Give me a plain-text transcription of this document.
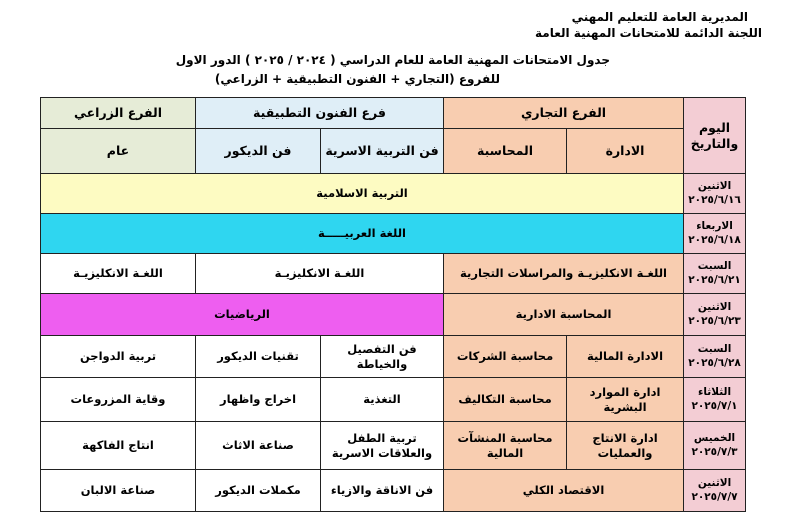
المديرية العامة للتعليم المهني
اللجنة الدائمة للامتحانات المهنية العامة
جدول الامتحانات المهنية العامة للعام الدراسي ( ٢٠٢٤ / ٢٠٢٥ ) الدور الاول
للفروع (التجاري + الفنون التطبيقية + الزراعي)
اليوم والتاريخ	الفرع التجاري		فرع الفنون التطبيقية		الفرع الزراعي
	الادارة	المحاسبة	فن التربية الاسرية	فن الديكور	عام
الاثنين
٢٠٢٥/٦/١٦	التربية الاسلامية				
الاربعاء
٢٠٢٥/٦/١٨	اللغة العربيـــــة				
السبت
٢٠٢٥/٦/٢١	اللغـة الانكليزيـة والمراسلات التجارية		اللغـة الانكليزيـة		اللغـة الانكليزيـة
الاثنين
٢٠٢٥/٦/٢٣	المحاسبة الادارية		الرياضيات		
السبت
٢٠٢٥/٦/٢٨	الادارة المالية	محاسبة الشركات	فن التفصيل والخياطة	تقنيات الديكور	تربية الدواجن
الثلاثاء
٢٠٢٥/٧/١	ادارة الموارد البشرية	محاسبة التكاليف	التغذية	اخراج واظهار	وقاية المزروعات
الخميس
٢٠٢٥/٧/٣	ادارة الانتاج والعمليات	محاسبة المنشآت المالية	تربية الطفل والعلاقات الاسرية	صناعة الاثاث	انتاج الفاكهة
الاثنين
٢٠٢٥/٧/٧	الاقتصاد الكلي		فن الاناقة والازياء	مكملات الديكور	صناعة الالبان
